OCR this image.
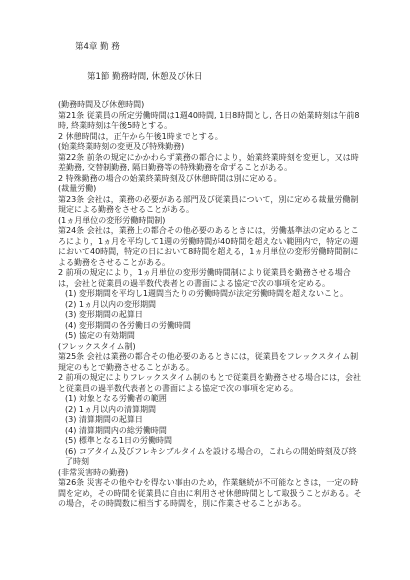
第4章 勤 務
第1節 勤務時間, 休憩及び休日

(勤務時間及び休憩時間)

第21条 従業員の所定労働時間は1週40時間, 1日8時間とし, 各日の始業時刻は午前8時, 終業時刻は午後5時とする。

2 休憩時間は，正午から午後1時までとする。

(始業終業時刻の変更及び特殊勤務)

第22条 前条の規定にかかわらず業務の都合により，始業終業時刻を変更し，又は時差勤務, 交替制勤務, 隔日勤務等の特殊勤務を命ずることがある。

2 特殊勤務の場合の始業終業時刻及び休憩時間は別に定める。

(裁量労働)

第23条 会社は，業務の必要がある部門及び従業員について，別に定める裁量労働制規定による勤務をさせることがある。

(1ヵ月単位の変形労働時間制)

第24条 会社は，業務上の都合その他必要のあるときには，労働基準法の定めるところにより，1ヵ月を平均して1週の労働時間が40時間を超えない範囲内で，特定の週において40時間，特定の日において8時間を超える，1ヵ月単位の変形労働時間制による勤務をさせることがある。

2 前項の規定により，1ヵ月単位の変形労働時間制により従業員を勤務させる場合は，会社と従業員の過半数代表者との書面による協定で次の事項を定める。

(1) 変形期間を平均し1週間当たりの労働時間が法定労働時間を超えないこと。

(2) 1ヵ月以内の変形期間

(3) 変形期間の起算日

(4) 変形期間の各労働日の労働時間

(5) 協定の有効期間

(フレックスタイム制)

第25条 会社は業務の都合その他必要のあるときには，従業員をフレックスタイム制規定のもとで勤務させることがある。

2 前項の規定によりフレックスタイム制のもとで従業員を勤務させる場合には，会社と従業員の過半数代表者との書面による協定で次の事項を定める。

(1) 対象となる労働者の範囲

(2) 1ヵ月以内の清算期間

(3) 清算期間の起算日

(4) 清算期間内の総労働時間

(5) 標準となる1日の労働時間

(6) コアタイム及びフレキシブルタイムを設ける場合の，これらの開始時刻及び終了時刻

(非常災害時の勤務)

第26条 災害その他やむを得ない事由のため，作業継続が不可能なときは，一定の時間を定め，その時間を従業員に自由に利用させ休憩時間として取扱うことがある。その場合，その時間数に相当する時間を，別に作業させることがある。
